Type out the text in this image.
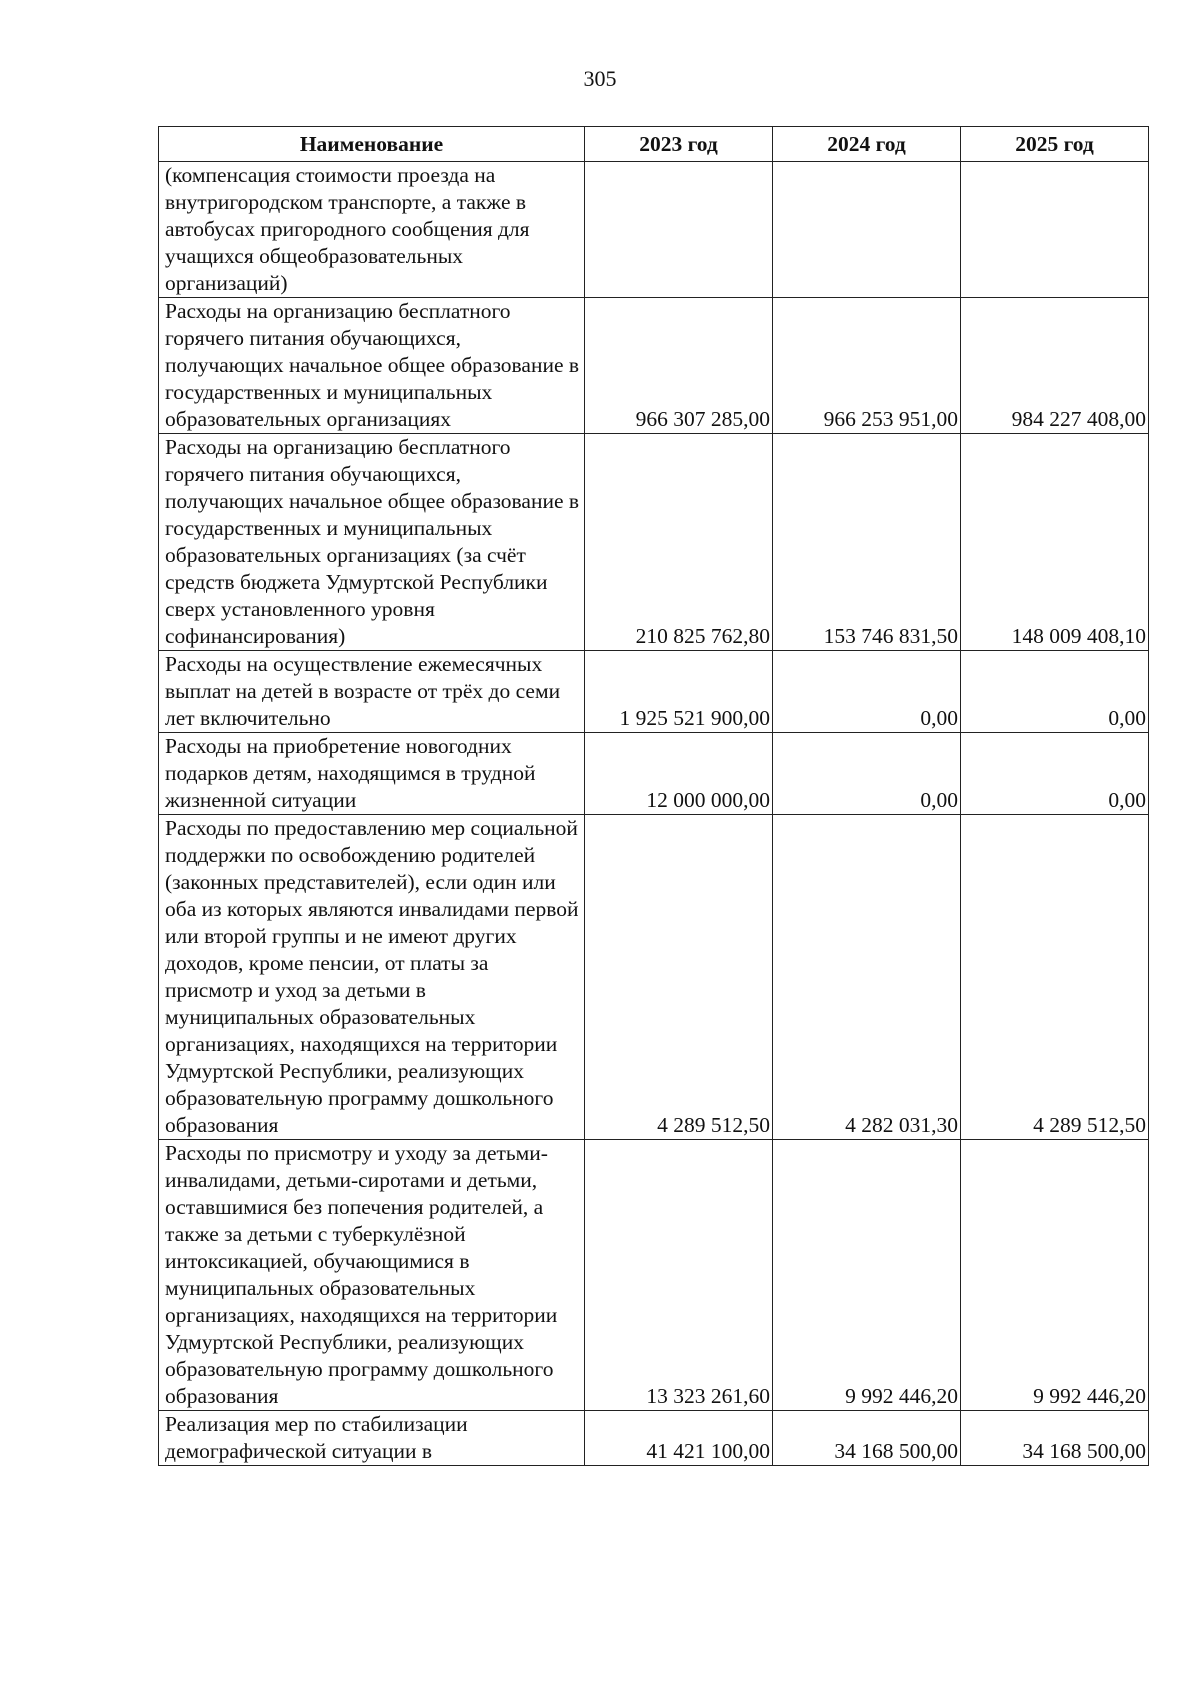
305
Наименование	2023 год	2024 год	2025 год
(компенсация стоимости проезда на внутригородском транспорте, а также в автобусах пригородного сообщения для учащихся общеобразовательных организаций)			
Расходы на организацию бесплатного горячего питания обучающихся, получающих начальное общее образование в государственных и муниципальных образовательных организациях	966 307 285,00	966 253 951,00	984 227 408,00
Расходы на организацию бесплатного горячего питания обучающихся, получающих начальное общее образование в государственных и муниципальных образовательных организациях (за счёт средств бюджета Удмуртской Республики сверх установленного уровня софинансирования)	210 825 762,80	153 746 831,50	148 009 408,10
Расходы на осуществление ежемесячных выплат на детей в возрасте от трёх до семи лет включительно	1 925 521 900,00	0,00	0,00
Расходы на приобретение новогодних подарков детям, находящимся в трудной жизненной ситуации	12 000 000,00	0,00	0,00
Расходы по предоставлению мер социальной поддержки по освобождению родителей (законных представителей), если один или оба из которых являются инвалидами первой или второй группы и не имеют других доходов, кроме пенсии, от платы за присмотр и уход за детьми в муниципальных образовательных организациях, находящихся на территории Удмуртской Республики, реализующих образовательную программу дошкольного образования	4 289 512,50	4 282 031,30	4 289 512,50
Расходы по присмотру и уходу за детьми-инвалидами, детьми-сиротами и детьми, оставшимися без попечения родителей, а также за детьми с туберкулёзной интоксикацией, обучающимися в муниципальных образовательных организациях, находящихся на территории Удмуртской Республики, реализующих образовательную программу дошкольного образования	13 323 261,60	9 992 446,20	9 992 446,20
Реализация мер по стабилизации демографической ситуации в	41 421 100,00	34 168 500,00	34 168 500,00
